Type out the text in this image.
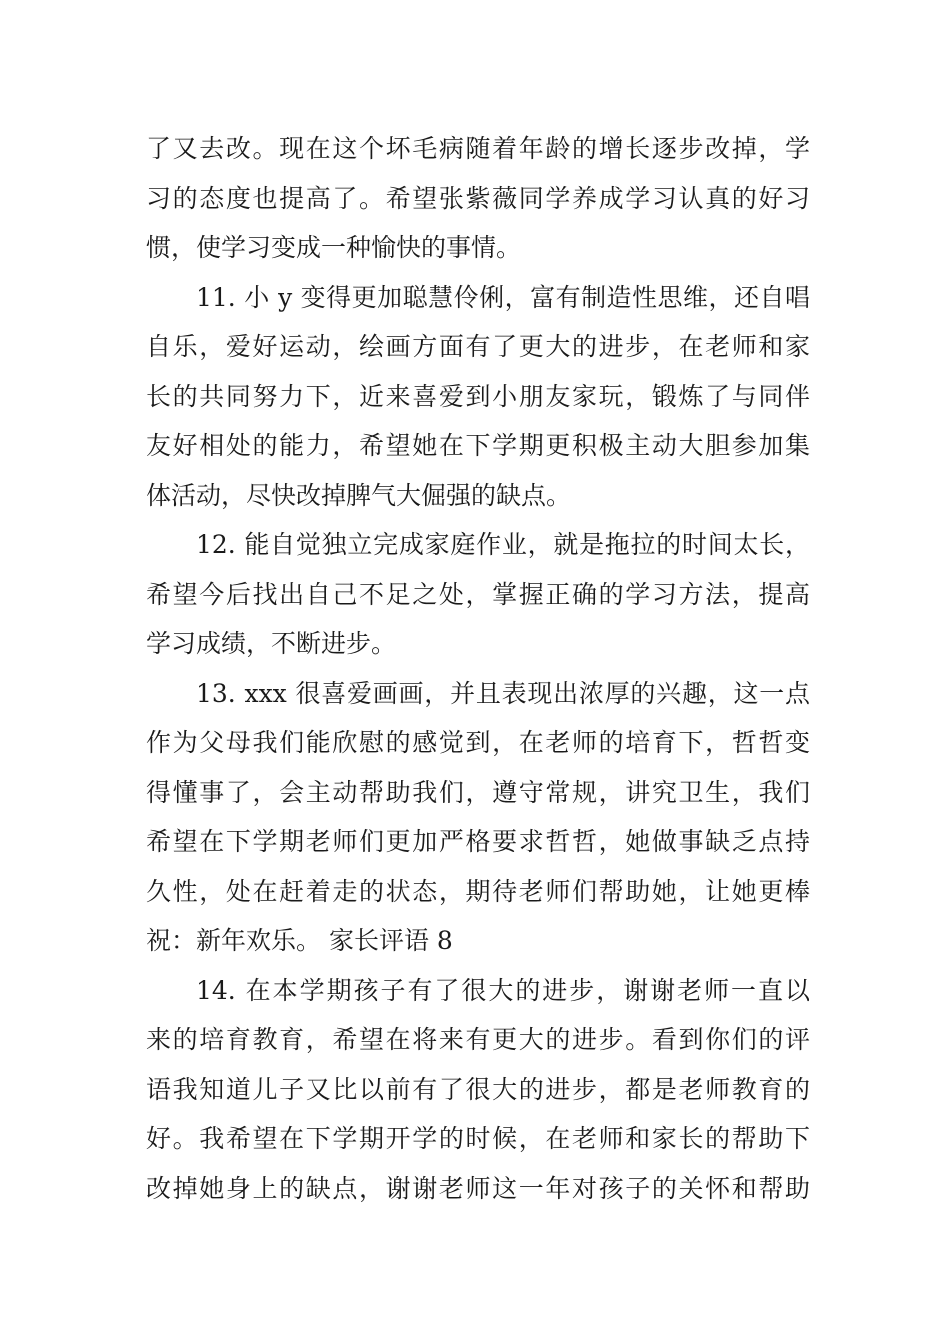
了又去改。现在这个坏毛病随着年龄的增长逐步改掉，学
习的态度也提高了。希望张紫薇同学养成学习认真的好习
惯，使学习变成一种愉快的事情。
11. 小 y 变得更加聪慧伶俐，富有制造性思维，还自唱
自乐，爱好运动，绘画方面有了更大的进步，在老师和家
长的共同努力下，近来喜爱到小朋友家玩，锻炼了与同伴
友好相处的能力，希望她在下学期更积极主动大胆参加集
体活动，尽快改掉脾气大倔强的缺点。
12. 能自觉独立完成家庭作业，就是拖拉的时间太长，
希望今后找出自己不足之处，掌握正确的学习方法，提高
学习成绩，不断进步。
13. xxx 很喜爱画画，并且表现出浓厚的兴趣，这一点
作为父母我们能欣慰的感觉到，在老师的培育下，哲哲变
得懂事了，会主动帮助我们，遵守常规，讲究卫生，我们
希望在下学期老师们更加严格要求哲哲，她做事缺乏点持
久性，处在赶着走的状态，期待老师们帮助她，让她更棒
祝：新年欢乐。 家长评语 8
14. 在本学期孩子有了很大的进步，谢谢老师一直以
来的培育教育，希望在将来有更大的进步。看到你们的评
语我知道儿子又比以前有了很大的进步，都是老师教育的
好。我希望在下学期开学的时候，在老师和家长的帮助下
改掉她身上的缺点，谢谢老师这一年对孩子的关怀和帮助
